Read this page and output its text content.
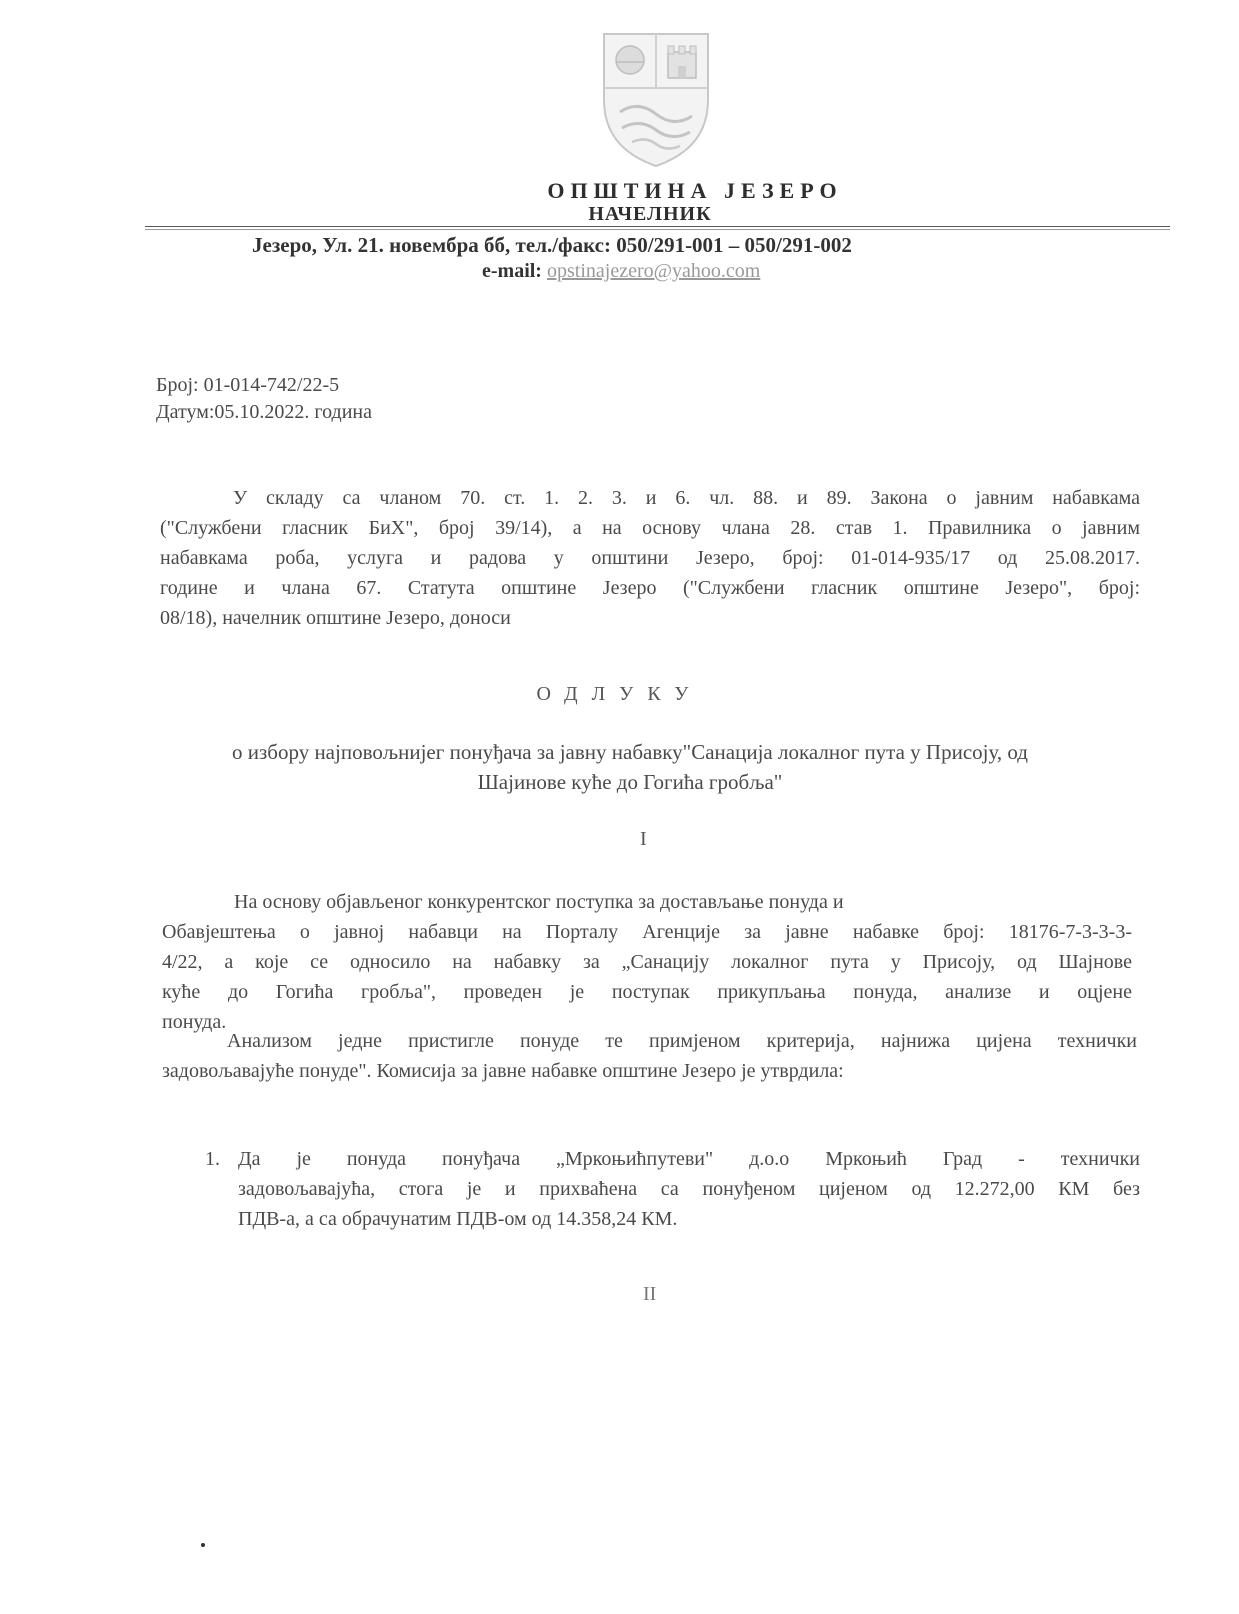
ОПШТИНА ЈЕЗЕРО
НАЧЕЛНИК
Језеро, Ул. 21. новембра бб, тел./факс: 050/291-001 – 050/291-002
e-mail: opstinajezero@yahoo.com
Број: 01-014-742/22-5
Датум:05.10.2022. година
У складу са чланом 70. ст. 1. 2. 3. и 6. чл. 88. и 89. Закона о јавним набавкама
("Службени гласник БиХ", број 39/14), а на основу члана 28. став 1. Правилника о јавним
набавкама роба, услуга и радова у општини Језеро, број: 01-014-935/17 од 25.08.2017.
године и члана 67. Статута општине Језеро ("Службени гласник општине Језеро", број:
08/18), начелник општине Језеро, доноси
ОДЛУКУ
о избору најповољнијег понуђача за јавну набавку"Санација локалног пута у Присоју, од
Шајинове куће до Гогића гробља"
I
На основу објављеног конкурентског поступка за достављање понуда и
Обавјештења о јавној набавци на Порталу Агенције за јавне набавке број: 18176-7-3-3-3-
4/22, а које се односило на набавку за „Санацију локалног пута у Присоју, од Шајнове
куће до Гогића гробља", проведен је поступак прикупљања понуда, анализе и оцјене
понуда.
Анализом једне пристигле понуде те примјеном критерија, најнижа цијена технички
задовољавајуће понуде". Комисија за јавне набавке општине Језеро је утврдила:
1. Да је понуда понуђача „Мркоњићпутеви" д.о.о Мркоњић Град - технички
задовољавајућа, стога је и прихваћена са понуђеном цијеном од 12.272,00 КМ без
ПДВ-а, а са обрачунатим ПДВ-ом од 14.358,24 КМ.
II
